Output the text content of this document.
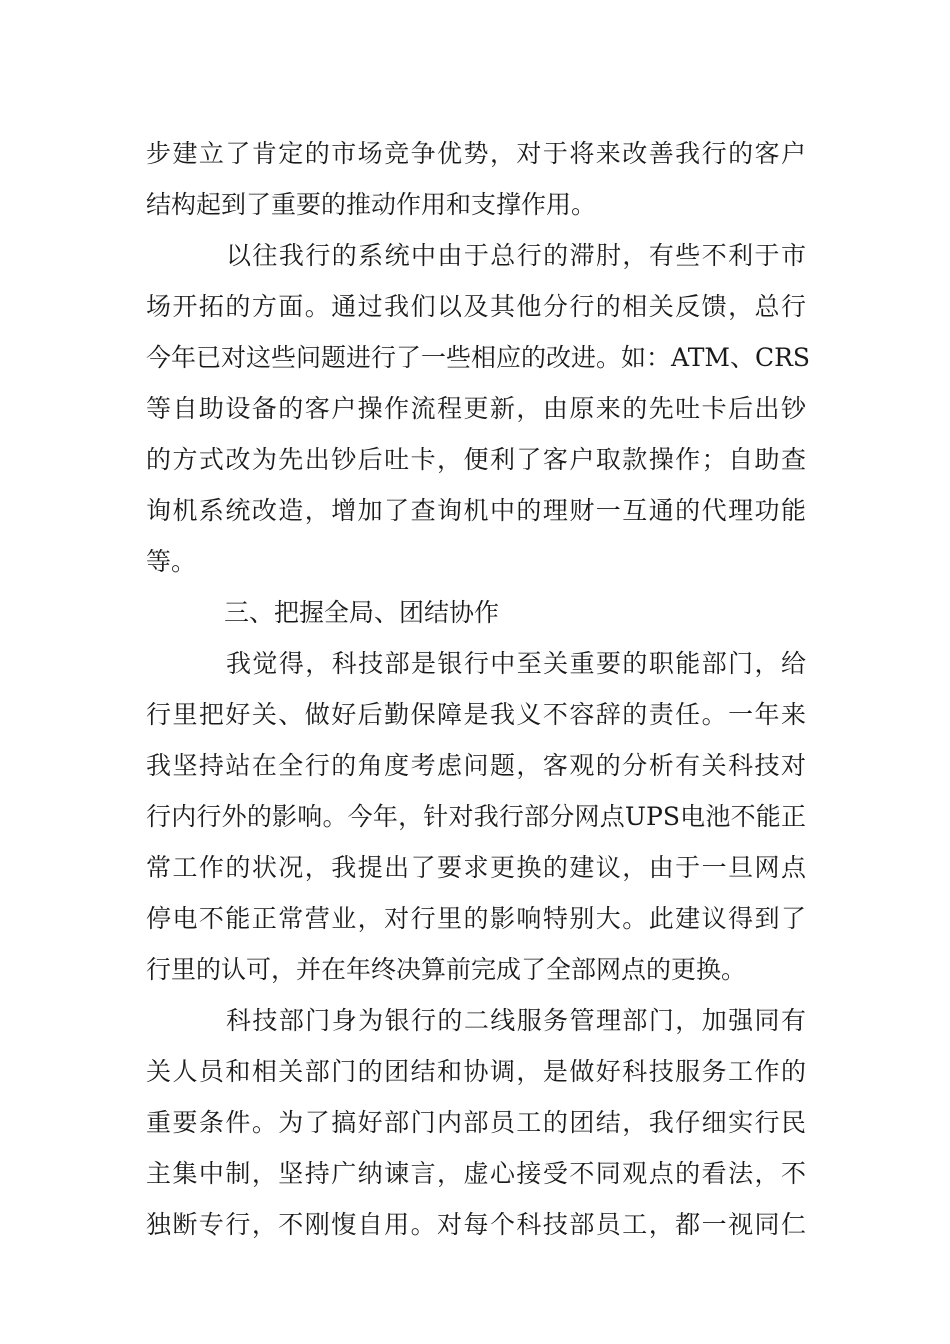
步建立了肯定的市场竞争优势，对于将来改善我行的客户
结构起到了重要的推动作用和支撑作用。
以往我行的系统中由于总行的滞肘，有些不利于市
场开拓的方面。通过我们以及其他分行的相关反馈，总行
今年已对这些问题进行了一些相应的改进。如：ATM、CRS
等自助设备的客户操作流程更新，由原来的先吐卡后出钞
的方式改为先出钞后吐卡，便利了客户取款操作；自助查
询机系统改造，增加了查询机中的理财一互通的代理功能
等。
三、把握全局、团结协作
我觉得，科技部是银行中至关重要的职能部门，给
行里把好关、做好后勤保障是我义不容辞的责任。一年来
我坚持站在全行的角度考虑问题，客观的分析有关科技对
行内行外的影响。今年，针对我行部分网点UPS电池不能正
常工作的状况，我提出了要求更换的建议，由于一旦网点
停电不能正常营业，对行里的影响特别大。此建议得到了
行里的认可，并在年终决算前完成了全部网点的更换。
科技部门身为银行的二线服务管理部门，加强同有
关人员和相关部门的团结和协调，是做好科技服务工作的
重要条件。为了搞好部门内部员工的团结，我仔细实行民
主集中制，坚持广纳谏言，虚心接受不同观点的看法，不
独断专行，不刚愎自用。对每个科技部员工，都一视同仁
